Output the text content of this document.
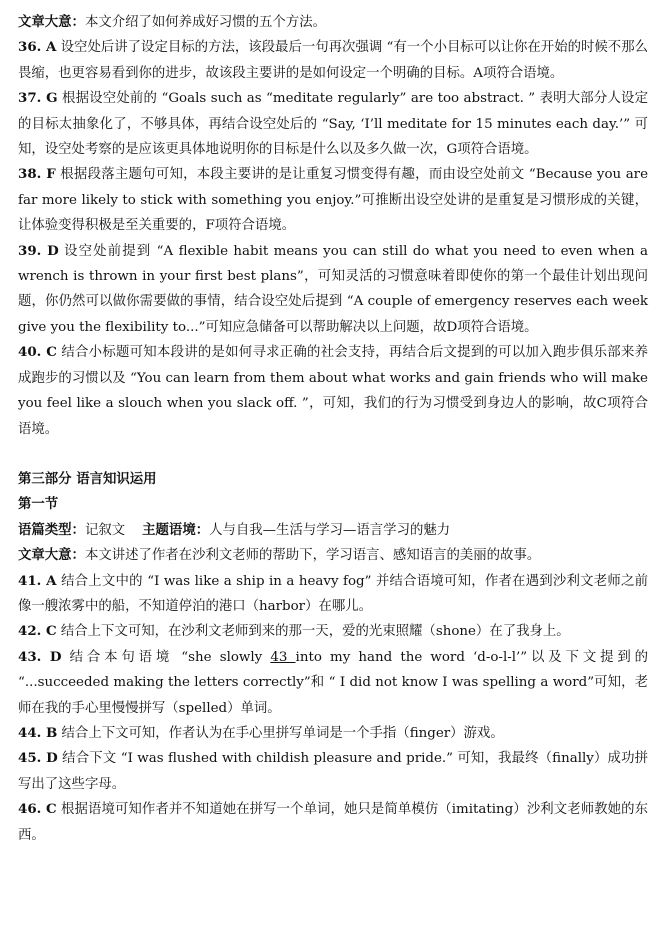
文章大意：本文介绍了如何养成好习惯的五个方法。

36. A 设空处后讲了设定目标的方法，该段最后一句再次强调 “有一个小目标可以让你在开始的时候不那么畏缩，也更容易看到你的进步，故该段主要讲的是如何设定一个明确的目标。A项符合语境。

37. G 根据设空处前的 “Goals such as “meditate regularly” are too abstract. ” 表明大部分人设定的目标太抽象化了，不够具体，再结合设空处后的 “Say, ‘I’ll meditate for 15 minutes each day.’” 可知，设空处考察的是应该更具体地说明你的目标是什么以及多久做一次，G项符合语境。

38. F 根据段落主题句可知，本段主要讲的是让重复习惯变得有趣，而由设空处前文 “Because you are far more likely to stick with something you enjoy.”可推断出设空处讲的是重复是习惯形成的关键，让体验变得积极是至关重要的，F项符合语境。

39. D 设空处前提到 “A flexible habit means you can still do what you need to even when a wrench is thrown in your first best plans”，可知灵活的习惯意味着即使你的第一个最佳计划出现问题，你仍然可以做你需要做的事情，结合设空处后提到 “A couple of emergency reserves each week give you the flexibility to...”可知应急储备可以帮助解决以上问题，故D项符合语境。

40. C 结合小标题可知本段讲的是如何寻求正确的社会支持，再结合后文提到的可以加入跑步俱乐部来养成跑步的习惯以及 “You can learn from them about what works and gain friends who will make you feel like a slouch when you slack off. ”，可知，我们的行为习惯受到身边人的影响，故C项符合语境。

第三部分 语言知识运用

第一节

语篇类型：记叙文 主题语境：人与自我—生活与学习—语言学习的魅力

文章大意：本文讲述了作者在沙利文老师的帮助下，学习语言、感知语言的美丽的故事。

41. A 结合上文中的 “I was like a ship in a heavy fog” 并结合语境可知，作者在遇到沙利文老师之前像一艘浓雾中的船，不知道停泊的港口（harbor）在哪儿。

42. C 结合上下文可知，在沙利文老师到来的那一天，爱的光束照耀（shone）在了我身上。

43. D 结合本句语境 “she slowly 43 into my hand the word ‘d-o-l-l’”以及下文提到的 “...succeeded making the letters correctly”和 “ I did not know I was spelling a word”可知，老师在我的手心里慢慢拼写（spelled）单词。

44. B 结合上下文可知，作者认为在手心里拼写单词是一个手指（finger）游戏。

45. D 结合下文 “I was flushed with childish pleasure and pride.” 可知，我最终（finally）成功拼写出了这些字母。

46. C 根据语境可知作者并不知道她在拼写一个单词，她只是简单模仿（imitating）沙利文老师教她的东西。
